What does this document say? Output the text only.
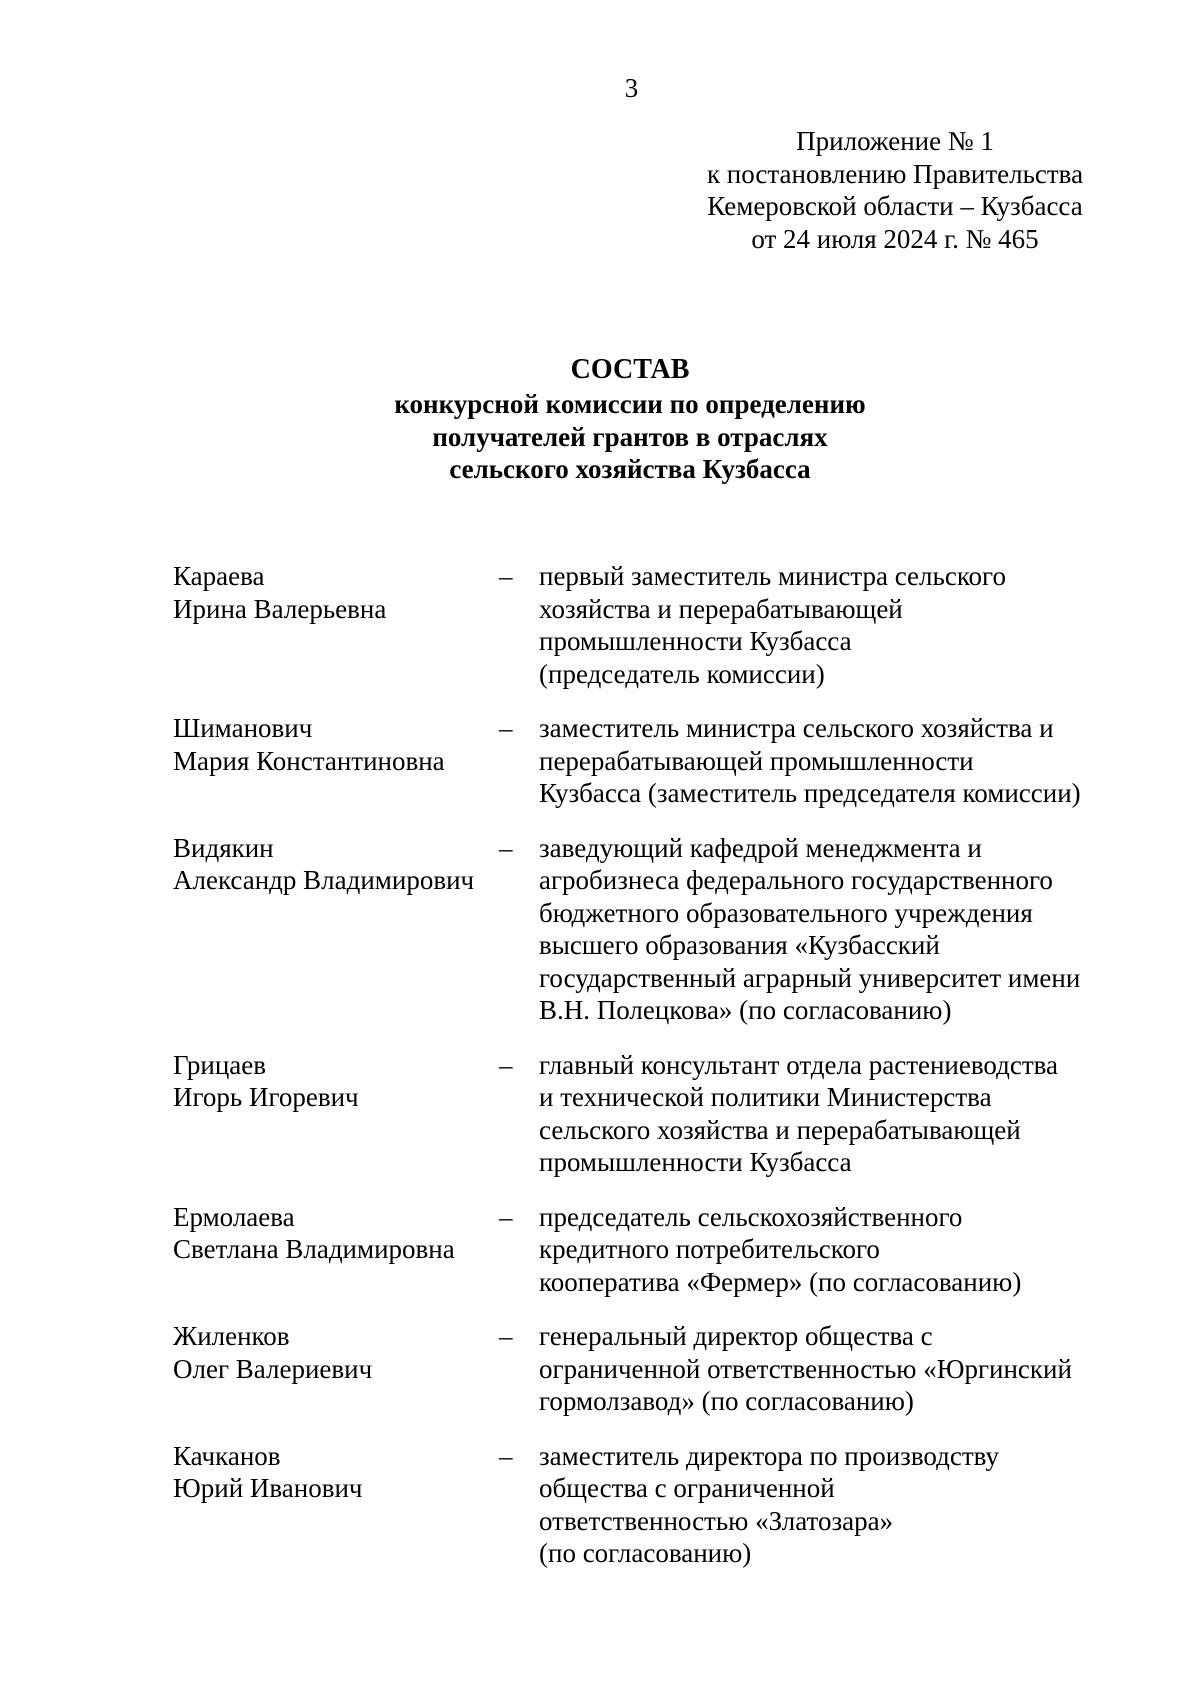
3
Приложение № 1
к постановлению Правительства
Кемеровской области – Кузбасса
от 24 июля 2024 г. № 465
СОСТАВ
конкурсной комиссии по определению
получателей грантов в отраслях
сельского хозяйства Кузбасса
Караева
Ирина Валерьевна
– первый заместитель министра сельского
хозяйства и перерабатывающей
промышленности Кузбасса
(председатель комиссии)
Шиманович
Мария Константиновна
– заместитель министра сельского хозяйства и
перерабатывающей промышленности
Кузбасса (заместитель председателя комиссии)
Видякин
Александр Владимирович
– заведующий кафедрой менеджмента и
агробизнеса федерального государственного
бюджетного образовательного учреждения
высшего образования «Кузбасский
государственный аграрный университет имени
В.Н. Полецкова» (по согласованию)
Грицаев
Игорь Игоревич
– главный консультант отдела растениеводства
и технической политики Министерства
сельского хозяйства и перерабатывающей
промышленности Кузбасса
Ермолаева
Светлана Владимировна
– председатель сельскохозяйственного
кредитного потребительского
кооператива «Фермер» (по согласованию)
Жиленков
Олег Валериевич
– генеральный директор общества с
ограниченной ответственностью «Юргинский
гормолзавод» (по согласованию)
Качканов
Юрий Иванович
– заместитель директора по производству
общества с ограниченной
ответственностью «Златозара»
(по согласованию)
